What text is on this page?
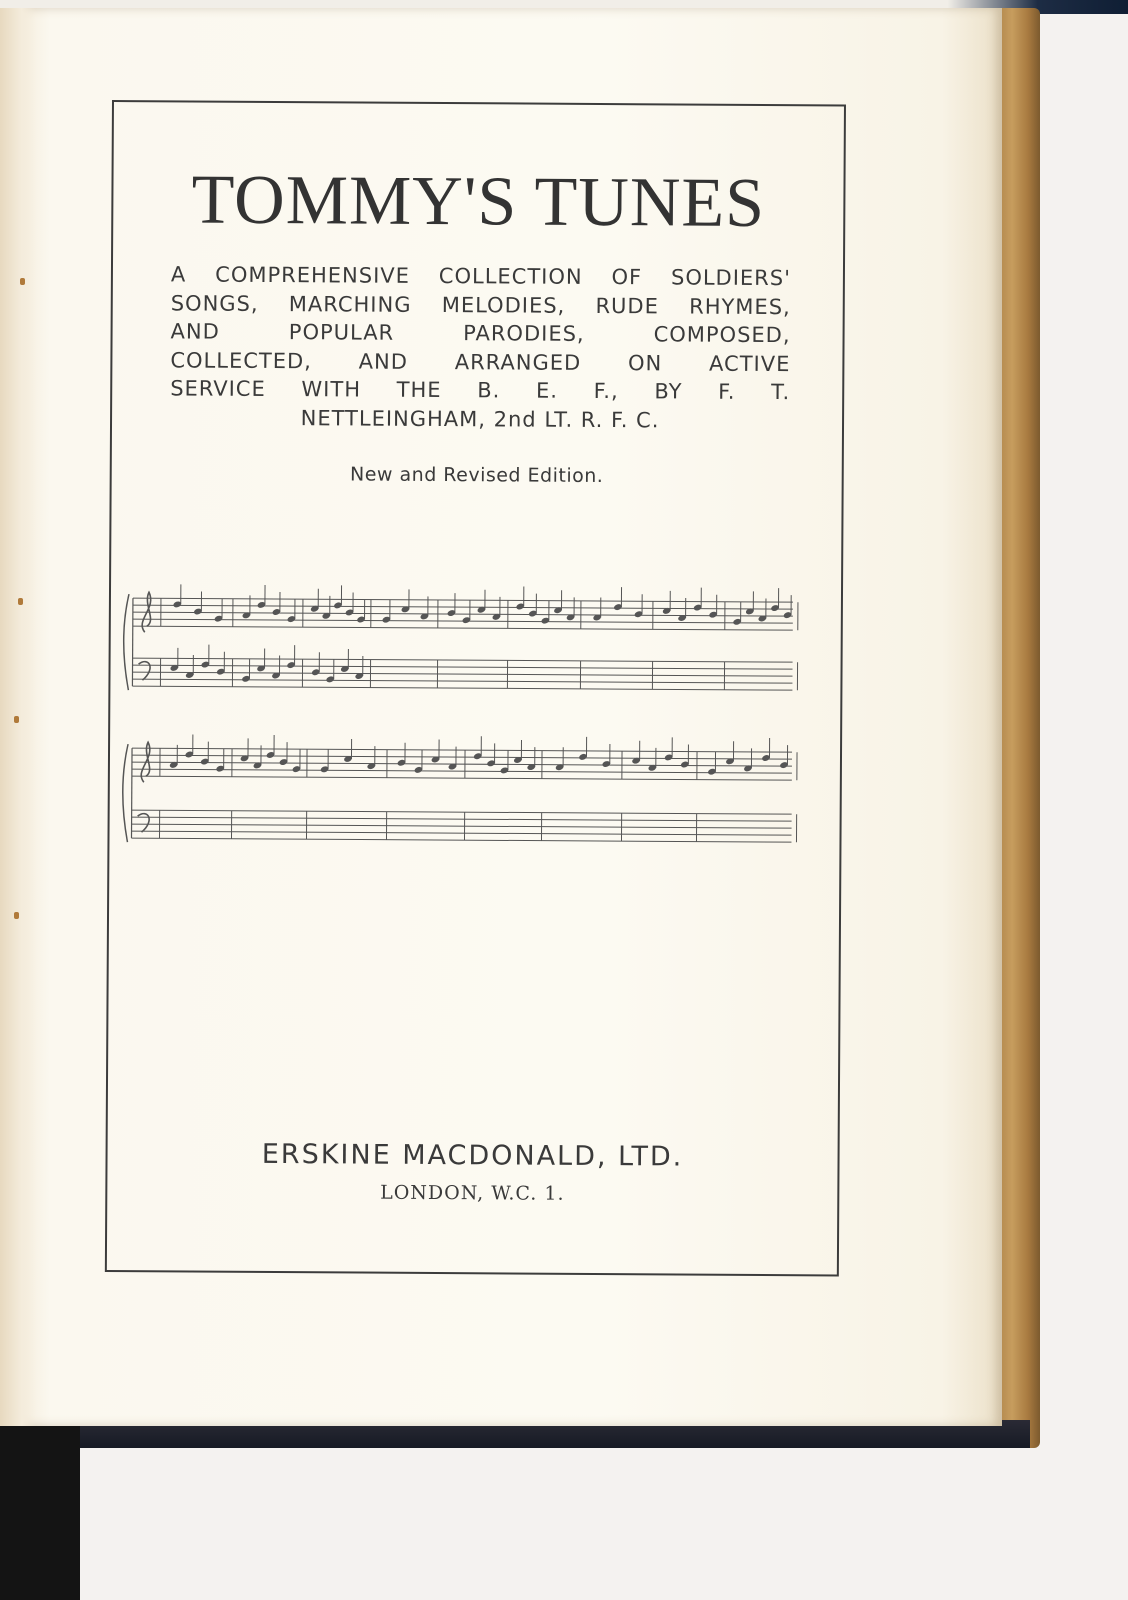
TOMMY'S TUNES
A COMPREHENSIVE COLLECTION OF SOLDIERS'
SONGS, MARCHING MELODIES, RUDE RHYMES,
AND POPULAR PARODIES, COMPOSED,
COLLECTED, AND ARRANGED ON ACTIVE
SERVICE WITH THE B. E. F., BY F. T.
NETTLEINGHAM, 2nd LT. R. F. C.
New and Revised Edition.
ERSKINE MACDONALD, LTD.
LONDON, W.C. 1.
